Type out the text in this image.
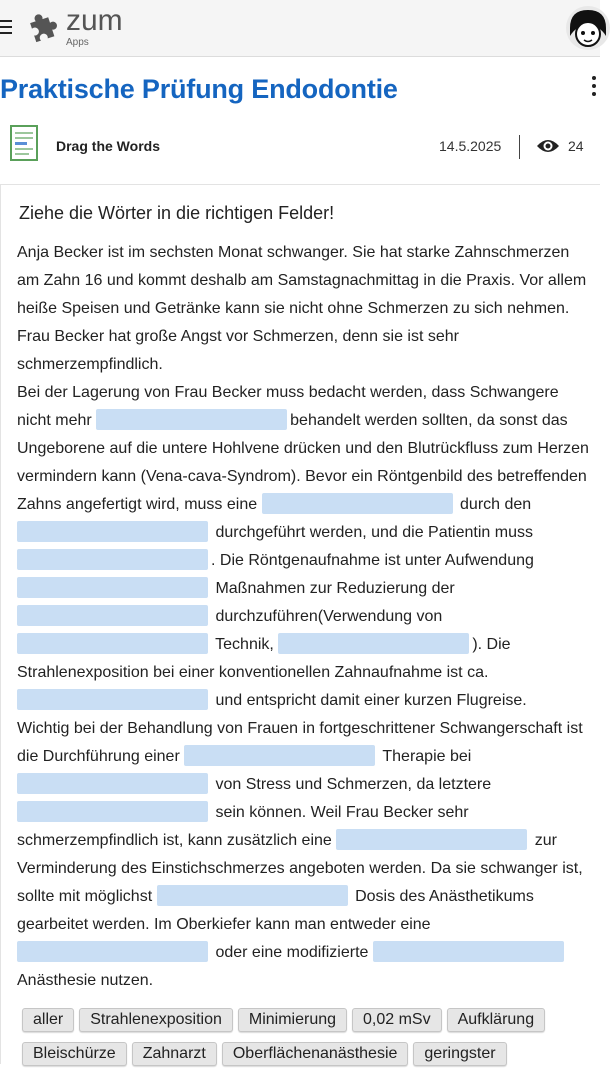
zum
Apps
Praktische Prüfung Endodontie
Drag the Words	14.5.2025	24
Ziehe die Wörter in die richtigen Felder!
Anja Becker ist im sechsten Monat schwanger. Sie hat starke Zahnschmerzen am Zahn 16 und kommt deshalb am Samstagnachmittag in die Praxis. Vor allem heiße Speisen und Getränke kann sie nicht ohne Schmerzen zu sich nehmen. Frau Becker hat große Angst vor Schmerzen, denn sie ist sehr schmerzempfindlich.
Bei der Lagerung von Frau Becker muss bedacht werden, dass Schwangere nicht mehr	behandelt werden sollten, da sonst das Ungeborene auf die untere Hohlvene drücken und den Blutrückfluss zum Herzen vermindern kann (Vena-cava-Syndrom). Bevor ein Röntgenbild des betreffenden Zahns angefertigt wird, muss eine	durch den  durchgeführt werden, und die Patientin muss . Die Röntgenaufnahme ist unter Aufwendung  Maßnahmen zur Reduzierung der  durchzuführen(Verwendung von  Technik,	). Die Strahlenexposition bei einer konventionellen Zahnaufnahme ist ca.  und entspricht damit einer kurzen Flugreise.
Wichtig bei der Behandlung von Frauen in fortgeschrittener Schwangerschaft ist die Durchführung einer	Therapie bei  von Stress und Schmerzen, da letztere  sein können. Weil Frau Becker sehr schmerzempfindlich ist, kann zusätzlich eine	zur Verminderung des Einstichschmerzes angeboten werden. Da sie schwanger ist, sollte mit möglichst	Dosis des Anästhetikums gearbeitet werden. Im Oberkiefer kann man entweder eine  oder eine modifizierte  Anästhesie nutzen.
aller Strahlenexposition Minimierung 0,02 mSv AufklärungBleischürze Zahnarzt Oberflächenanästhesie geringster
